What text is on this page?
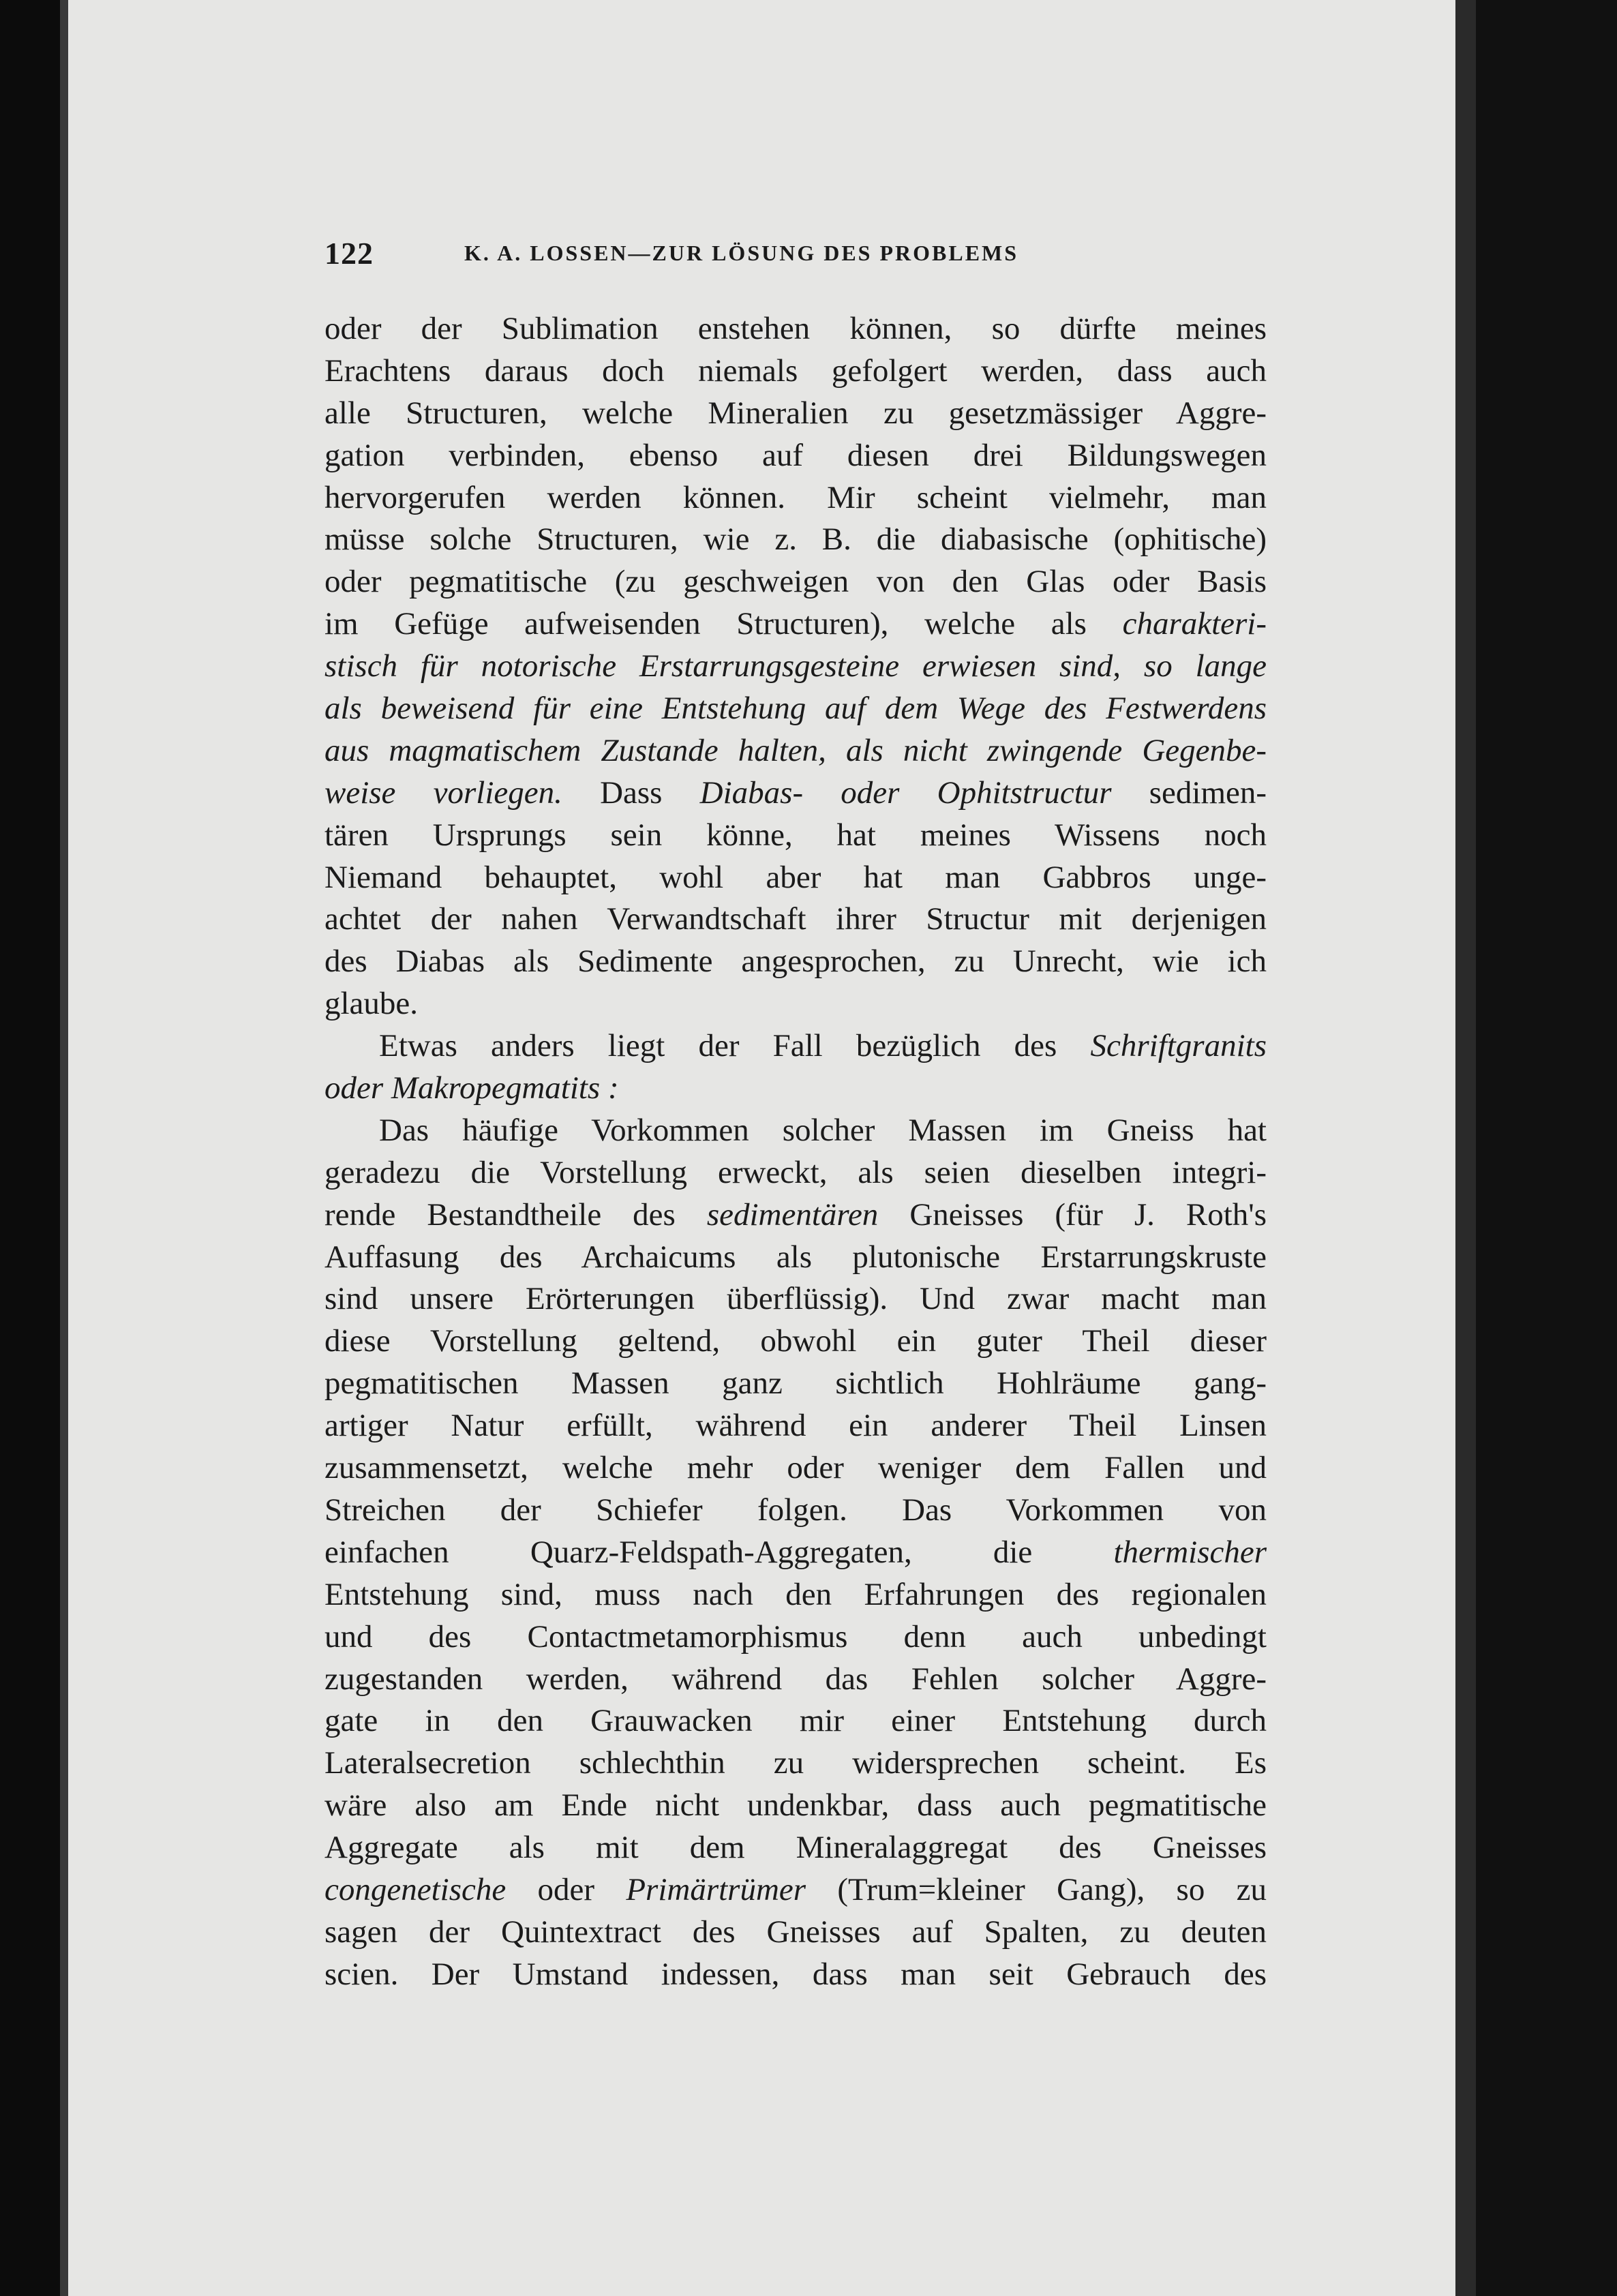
122	K. A. LOSSEN—ZUR LÖSUNG DES PROBLEMS
oder der Sublimation enstehen können, so dürfte meines
Erachtens daraus doch niemals gefolgert werden, dass auch
alle Structuren, welche Mineralien zu gesetzmässiger Aggre-
gation verbinden, ebenso auf diesen drei Bildungswegen
hervorgerufen werden können. Mir scheint vielmehr, man
müsse solche Structuren, wie z. B. die diabasische (ophitische)
oder pegmatitische (zu geschweigen von den Glas oder Basis
im Gefüge aufweisenden Structuren), welche als charakteri-
stisch für notorische Erstarrungsgesteine erwiesen sind, so lange
als beweisend für eine Entstehung auf dem Wege des Festwerdens
aus magmatischem Zustande halten, als nicht zwingende Gegenbe-
weise vorliegen. Dass Diabas- oder Ophitstructur sedimen-
tären Ursprungs sein könne, hat meines Wissens noch
Niemand behauptet, wohl aber hat man Gabbros unge-
achtet der nahen Verwandtschaft ihrer Structur mit derjenigen
des Diabas als Sedimente angesprochen, zu Unrecht, wie ich
glaube.
Etwas anders liegt der Fall bezüglich des Schriftgranits
oder Makropegmatits :
Das häufige Vorkommen solcher Massen im Gneiss hat
geradezu die Vorstellung erweckt, als seien dieselben integri-
rende Bestandtheile des sedimentären Gneisses (für J. Roth's
Auffasung des Archaicums als plutonische Erstarrungskruste
sind unsere Erörterungen überflüssig). Und zwar macht man
diese Vorstellung geltend, obwohl ein guter Theil dieser
pegmatitischen Massen ganz sichtlich Hohlräume gang-
artiger Natur erfüllt, während ein anderer Theil Linsen
zusammensetzt, welche mehr oder weniger dem Fallen und
Streichen der Schiefer folgen. Das Vorkommen von
einfachen Quarz-Feldspath-Aggregaten, die	thermischer
Entstehung sind, muss nach den Erfahrungen des regionalen
und des Contactmetamorphismus denn auch unbedingt
zugestanden werden, während das Fehlen solcher Aggre-
gate in den Grauwacken mir einer Entstehung durch
Lateralsecretion schlechthin zu widersprechen scheint. Es
wäre also am Ende nicht undenkbar, dass auch pegmatitische
Aggregate als mit dem Mineralaggregat des Gneisses
congenetische oder Primärtrümer (Trum=kleiner Gang), so zu
sagen der Quintextract des Gneisses auf Spalten, zu deuten
scien. Der Umstand indessen, dass man seit Gebrauch des
